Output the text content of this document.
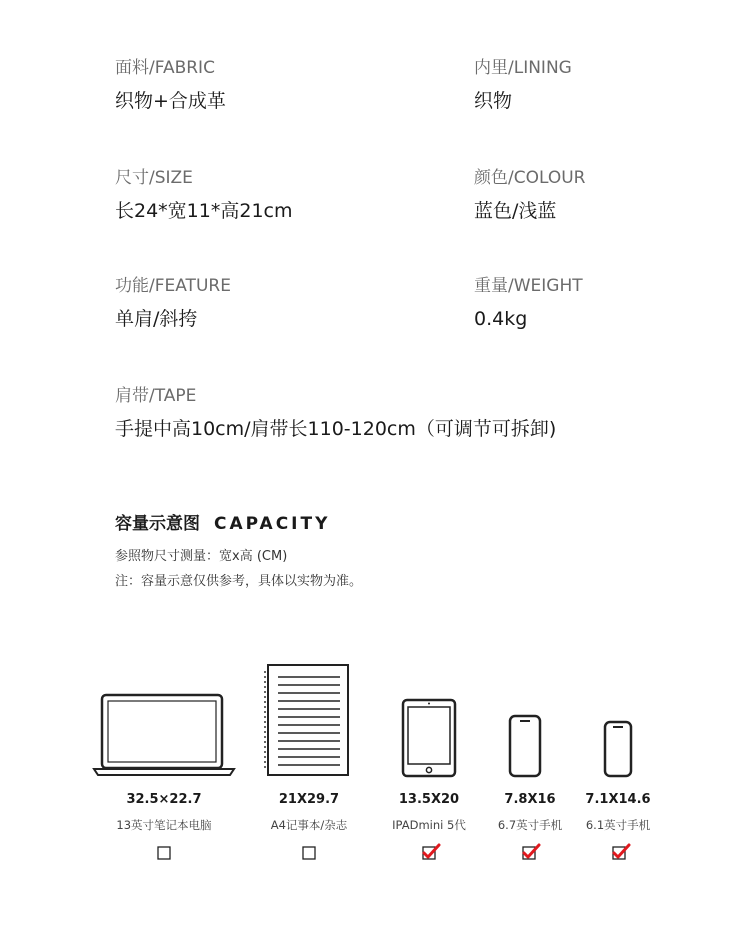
面料/FABRIC
织物+合成革
内里/LINING
织物
尺寸/SIZE
长24*宽11*高21cm
颜色/COLOUR
蓝色/浅蓝
功能/FEATURE
单肩/斜挎
重量/WEIGHT
0.4kg
肩带/TAPE
手提中高10cm/肩带长110-120cm（可调节可拆卸)
容量示意图 CAPACITY
参照物尺寸测量：宽x高 (CM)
注：容量示意仅供参考，具体以实物为准。
32.5×22.7	21X29.7	13.5X20	7.8X16	7.1X14.6
13英寸笔记本电脑	A4记事本/杂志	IPADmini 5代	6.7英寸手机	6.1英寸手机
